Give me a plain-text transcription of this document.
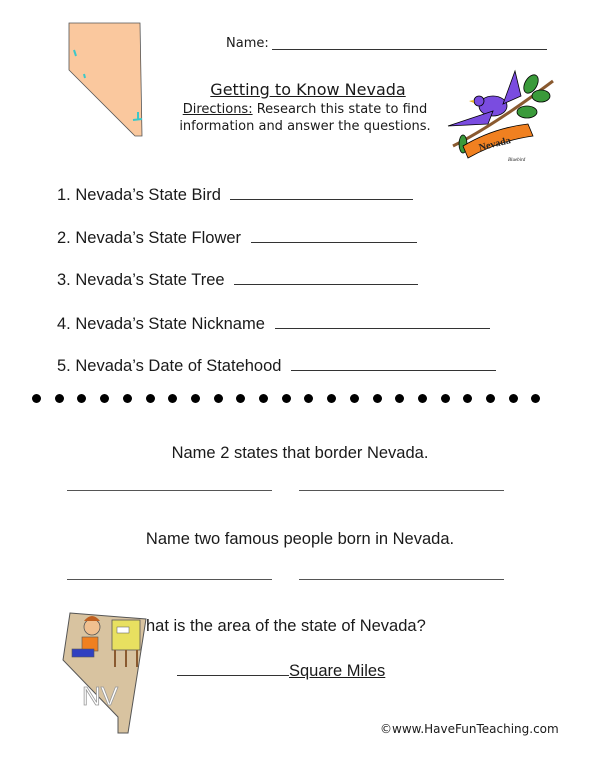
Name:
Getting to Know Nevada
Directions: Research this state to find
information and answer the questions.
Nevada
Bluebird
1. Nevada’s State Bird
2. Nevada’s State Flower
3. Nevada’s State Tree
4. Nevada’s State Nickname
5. Nevada’s Date of Statehood
Name 2 states that border Nevada.
Name two famous people born in Nevada.
NV
hat is the area of the state of Nevada?
Square Miles
©www.HaveFunTeaching.com
